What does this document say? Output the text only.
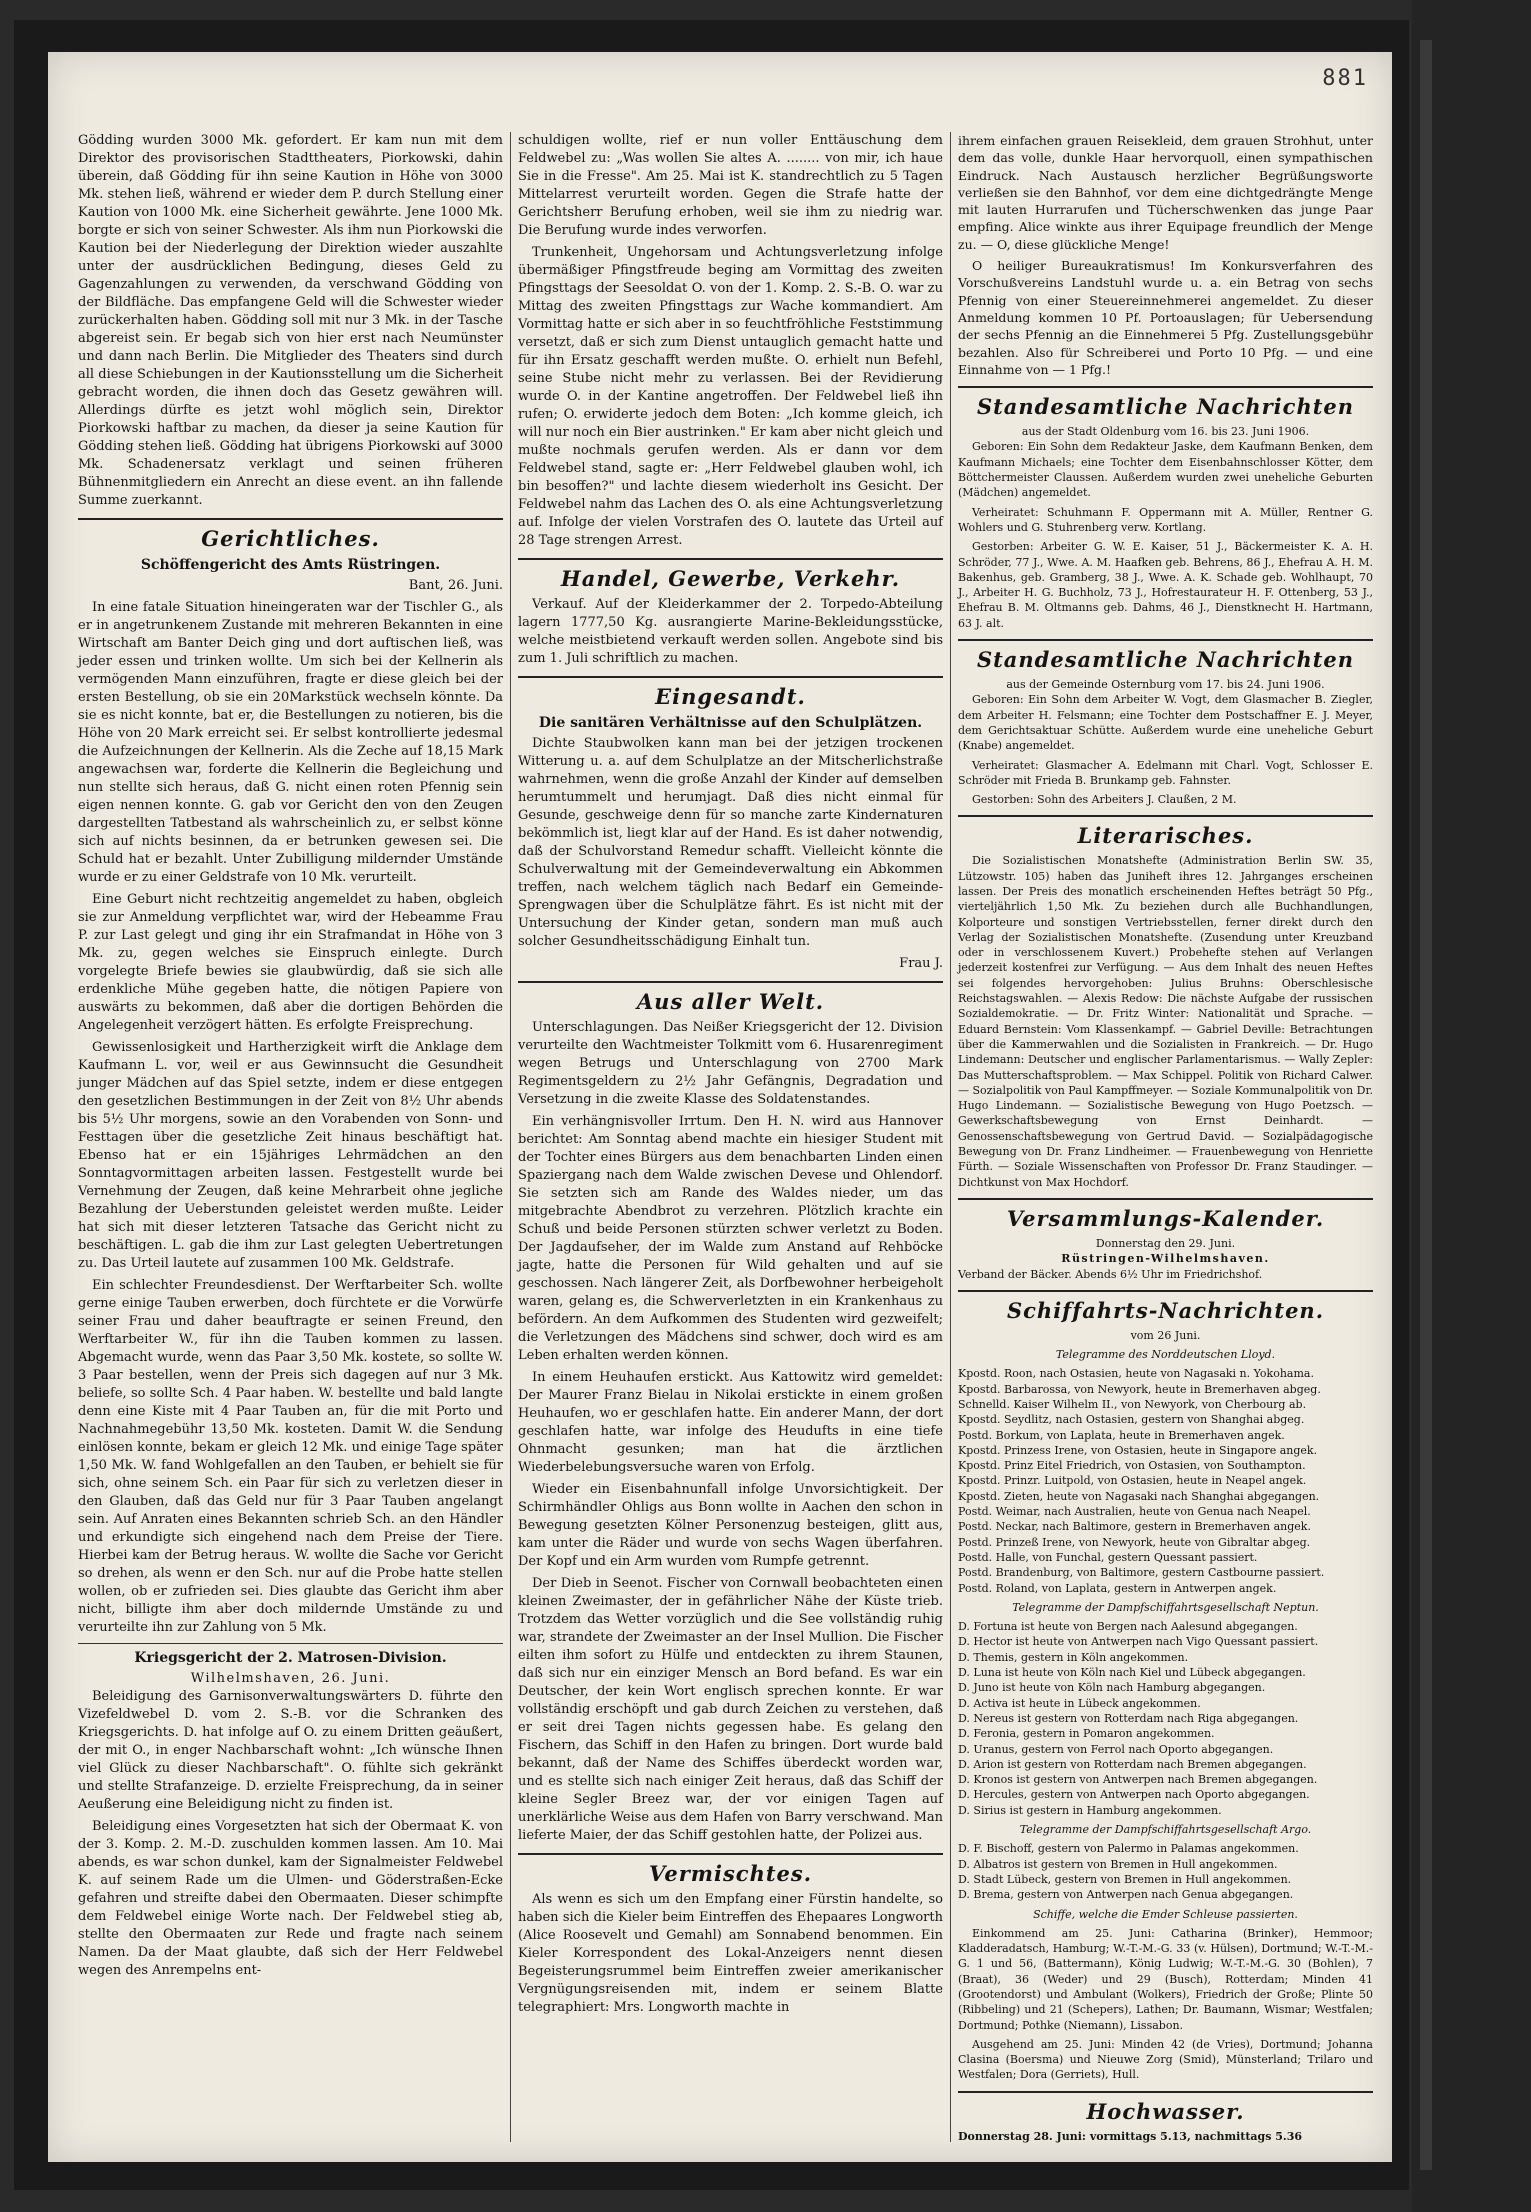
881

Gödding wurden 3000 Mk. gefordert. Er kam nun mit dem Direktor des provisorischen Stadttheaters, Piorkowski, dahin überein, daß Gödding für ihn seine Kaution in Höhe von 3000 Mk. stehen ließ, während er wieder dem P. durch Stellung einer Kaution von 1000 Mk. eine Sicherheit gewährte. Jene 1000 Mk. borgte er sich von seiner Schwester. Als ihm nun Piorkowski die Kaution bei der Niederlegung der Direktion wieder auszahlte unter der ausdrücklichen Bedingung, dieses Geld zu Gagenzahlungen zu verwenden, da verschwand Gödding von der Bildfläche. Das empfangene Geld will die Schwester wieder zurückerhalten haben. Gödding soll mit nur 3 Mk. in der Tasche abgereist sein. Er begab sich von hier erst nach Neumünster und dann nach Berlin. Die Mitglieder des Theaters sind durch all diese Schiebungen in der Kautionsstellung um die Sicherheit gebracht worden, die ihnen doch das Gesetz gewähren will. Allerdings dürfte es jetzt wohl möglich sein, Direktor Piorkowski haftbar zu machen, da dieser ja seine Kaution für Gödding stehen ließ. Gödding hat übrigens Piorkowski auf 3000 Mk. Schadenersatz verklagt und seinen früheren Bühnenmitgliedern ein Anrecht an diese event. an ihn fallende Summe zuerkannt.

Gerichtliches.
Schöffengericht des Amts Rüstringen.
Bant, 26. Juni.

In eine fatale Situation hineingeraten war der Tischler G., als er in angetrunkenem Zustande mit mehreren Bekannten in eine Wirtschaft am Banter Deich ging und dort auftischen ließ, was jeder essen und trinken wollte. Um sich bei der Kellnerin als vermögenden Mann einzuführen, fragte er diese gleich bei der ersten Bestellung, ob sie ein 20Markstück wechseln könnte. Da sie es nicht konnte, bat er, die Bestellungen zu notieren, bis die Höhe von 20 Mark erreicht sei. Er selbst kontrollierte jedesmal die Aufzeichnungen der Kellnerin. Als die Zeche auf 18,15 Mark angewachsen war, forderte die Kellnerin die Begleichung und nun stellte sich heraus, daß G. nicht einen roten Pfennig sein eigen nennen konnte. G. gab vor Gericht den von den Zeugen dargestellten Tatbestand als wahrscheinlich zu, er selbst könne sich auf nichts besinnen, da er betrunken gewesen sei. Die Schuld hat er bezahlt. Unter Zubilligung mildernder Umstände wurde er zu einer Geldstrafe von 10 Mk. verurteilt.

Eine Geburt nicht rechtzeitig angemeldet zu haben, obgleich sie zur Anmeldung verpflichtet war, wird der Hebeamme Frau P. zur Last gelegt und ging ihr ein Strafmandat in Höhe von 3 Mk. zu, gegen welches sie Einspruch einlegte. Durch vorgelegte Briefe bewies sie glaubwürdig, daß sie sich alle erdenkliche Mühe gegeben hatte, die nötigen Papiere von auswärts zu bekommen, daß aber die dortigen Behörden die Angelegenheit verzögert hätten. Es erfolgte Freisprechung.

Gewissenlosigkeit und Hartherzigkeit wirft die Anklage dem Kaufmann L. vor, weil er aus Gewinnsucht die Gesundheit junger Mädchen auf das Spiel setzte, indem er diese entgegen den gesetzlichen Bestimmungen in der Zeit von 8½ Uhr abends bis 5½ Uhr morgens, sowie an den Vorabenden von Sonn- und Festtagen über die gesetzliche Zeit hinaus beschäftigt hat. Ebenso hat er ein 15jähriges Lehrmädchen an den Sonntagvormittagen arbeiten lassen. Festgestellt wurde bei Vernehmung der Zeugen, daß keine Mehrarbeit ohne jegliche Bezahlung der Ueberstunden geleistet werden mußte. Leider hat sich mit dieser letzteren Tatsache das Gericht nicht zu beschäftigen. L. gab die ihm zur Last gelegten Uebertretungen zu. Das Urteil lautete auf zusammen 100 Mk. Geldstrafe.

Ein schlechter Freundesdienst. Der Werftarbeiter Sch. wollte gerne einige Tauben erwerben, doch fürchtete er die Vorwürfe seiner Frau und daher beauftragte er seinen Freund, den Werftarbeiter W., für ihn die Tauben kommen zu lassen. Abgemacht wurde, wenn das Paar 3,50 Mk. kostete, so sollte W. 3 Paar bestellen, wenn der Preis sich dagegen auf nur 3 Mk. beliefe, so sollte Sch. 4 Paar haben. W. bestellte und bald langte denn eine Kiste mit 4 Paar Tauben an, für die mit Porto und Nachnahmegebühr 13,50 Mk. kosteten. Damit W. die Sendung einlösen konnte, bekam er gleich 12 Mk. und einige Tage später 1,50 Mk. W. fand Wohlgefallen an den Tauben, er behielt sie für sich, ohne seinem Sch. ein Paar für sich zu verletzen dieser in den Glauben, daß das Geld nur für 3 Paar Tauben angelangt sein. Auf Anraten eines Bekannten schrieb Sch. an den Händler und erkundigte sich eingehend nach dem Preise der Tiere. Hierbei kam der Betrug heraus. W. wollte die Sache vor Gericht so drehen, als wenn er den Sch. nur auf die Probe hatte stellen wollen, ob er zufrieden sei. Dies glaubte das Gericht ihm aber nicht, billigte ihm aber doch mildernde Umstände zu und verurteilte ihn zur Zahlung von 5 Mk.

Kriegsgericht der 2. Matrosen-Division.
Wilhelmshaven, 26. Juni.

Beleidigung des Garnisonverwaltungswärters D. führte den Vizefeldwebel D. vom 2. S.-B. vor die Schranken des Kriegsgerichts. D. hat infolge auf O. zu einem Dritten geäußert, der mit O., in enger Nachbarschaft wohnt: „Ich wünsche Ihnen viel Glück zu dieser Nachbarschaft". O. fühlte sich gekränkt und stellte Strafanzeige. D. erzielte Freisprechung, da in seiner Aeußerung eine Beleidigung nicht zu finden ist.

Beleidigung eines Vorgesetzten hat sich der Obermaat K. von der 3. Komp. 2. M.-D. zuschulden kommen lassen. Am 10. Mai abends, es war schon dunkel, kam der Signalmeister Feldwebel K. auf seinem Rade um die Ulmen- und Göderstraßen-Ecke gefahren und streifte dabei den Obermaaten. Dieser schimpfte dem Feldwebel einige Worte nach. Der Feldwebel stieg ab, stellte den Obermaaten zur Rede und fragte nach seinem Namen. Da der Maat glaubte, daß sich der Herr Feldwebel wegen des Anrempelns ent-

schuldigen wollte, rief er nun voller Enttäuschung dem Feldwebel zu: „Was wollen Sie altes A. ........ von mir, ich haue Sie in die Fresse". Am 25. Mai ist K. standrechtlich zu 5 Tagen Mittelarrest verurteilt worden. Gegen die Strafe hatte der Gerichtsherr Berufung erhoben, weil sie ihm zu niedrig war. Die Berufung wurde indes verworfen.

Trunkenheit, Ungehorsam und Achtungsverletzung infolge übermäßiger Pfingstfreude beging am Vormittag des zweiten Pfingsttags der Seesoldat O. von der 1. Komp. 2. S.-B. O. war zu Mittag des zweiten Pfingsttags zur Wache kommandiert. Am Vormittag hatte er sich aber in so feuchtfröhliche Feststimmung versetzt, daß er sich zum Dienst untauglich gemacht hatte und für ihn Ersatz geschafft werden mußte. O. erhielt nun Befehl, seine Stube nicht mehr zu verlassen. Bei der Revidierung wurde O. in der Kantine angetroffen. Der Feldwebel ließ ihn rufen; O. erwiderte jedoch dem Boten: „Ich komme gleich, ich will nur noch ein Bier austrinken." Er kam aber nicht gleich und mußte nochmals gerufen werden. Als er dann vor dem Feldwebel stand, sagte er: „Herr Feldwebel glauben wohl, ich bin besoffen?" und lachte diesem wiederholt ins Gesicht. Der Feldwebel nahm das Lachen des O. als eine Achtungsverletzung auf. Infolge der vielen Vorstrafen des O. lautete das Urteil auf 28 Tage strengen Arrest.

Handel, Gewerbe, Verkehr.

Verkauf. Auf der Kleiderkammer der 2. Torpedo-Abteilung lagern 1777,50 Kg. ausrangierte Marine-Bekleidungsstücke, welche meistbietend verkauft werden sollen. Angebote sind bis zum 1. Juli schriftlich zu machen.

Eingesandt.
Die sanitären Verhältnisse auf den Schulplätzen.

Dichte Staubwolken kann man bei der jetzigen trockenen Witterung u. a. auf dem Schulplatze an der Mitscherlichstraße wahrnehmen, wenn die große Anzahl der Kinder auf demselben herumtummelt und herumjagt. Daß dies nicht einmal für Gesunde, geschweige denn für so manche zarte Kindernaturen bekömmlich ist, liegt klar auf der Hand. Es ist daher notwendig, daß der Schulvorstand Remedur schafft. Vielleicht könnte die Schulverwaltung mit der Gemeindeverwaltung ein Abkommen treffen, nach welchem täglich nach Bedarf ein Gemeinde-Sprengwagen über die Schulplätze fährt. Es ist nicht mit der Untersuchung der Kinder getan, sondern man muß auch solcher Gesundheitsschädigung Einhalt tun.

Frau J.
Aus aller Welt.

Unterschlagungen. Das Neißer Kriegsgericht der 12. Division verurteilte den Wachtmeister Tolkmitt vom 6. Husarenregiment wegen Betrugs und Unterschlagung von 2700 Mark Regimentsgeldern zu 2½ Jahr Gefängnis, Degradation und Versetzung in die zweite Klasse des Soldatenstandes.

Ein verhängnisvoller Irrtum. Den H. N. wird aus Hannover berichtet: Am Sonntag abend machte ein hiesiger Student mit der Tochter eines Bürgers aus dem benachbarten Linden einen Spaziergang nach dem Walde zwischen Devese und Ohlendorf. Sie setzten sich am Rande des Waldes nieder, um das mitgebrachte Abendbrot zu verzehren. Plötzlich krachte ein Schuß und beide Personen stürzten schwer verletzt zu Boden. Der Jagdaufseher, der im Walde zum Anstand auf Rehböcke jagte, hatte die Personen für Wild gehalten und auf sie geschossen. Nach längerer Zeit, als Dorfbewohner herbeigeholt waren, gelang es, die Schwerverletzten in ein Krankenhaus zu befördern. An dem Aufkommen des Studenten wird gezweifelt; die Verletzungen des Mädchens sind schwer, doch wird es am Leben erhalten werden können.

In einem Heuhaufen erstickt. Aus Kattowitz wird gemeldet: Der Maurer Franz Bielau in Nikolai erstickte in einem großen Heuhaufen, wo er geschlafen hatte. Ein anderer Mann, der dort geschlafen hatte, war infolge des Heudufts in eine tiefe Ohnmacht gesunken; man hat die ärztlichen Wiederbelebungsversuche waren von Erfolg.

Wieder ein Eisenbahnunfall infolge Unvorsichtigkeit. Der Schirmhändler Ohligs aus Bonn wollte in Aachen den schon in Bewegung gesetzten Kölner Personenzug besteigen, glitt aus, kam unter die Räder und wurde von sechs Wagen überfahren. Der Kopf und ein Arm wurden vom Rumpfe getrennt.

Der Dieb in Seenot. Fischer von Cornwall beobachteten einen kleinen Zweimaster, der in gefährlicher Nähe der Küste trieb. Trotzdem das Wetter vorzüglich und die See vollständig ruhig war, strandete der Zweimaster an der Insel Mullion. Die Fischer eilten ihm sofort zu Hülfe und entdeckten zu ihrem Staunen, daß sich nur ein einziger Mensch an Bord befand. Es war ein Deutscher, der kein Wort englisch sprechen konnte. Er war vollständig erschöpft und gab durch Zeichen zu verstehen, daß er seit drei Tagen nichts gegessen habe. Es gelang den Fischern, das Schiff in den Hafen zu bringen. Dort wurde bald bekannt, daß der Name des Schiffes überdeckt worden war, und es stellte sich nach einiger Zeit heraus, daß das Schiff der kleine Segler Breez war, der vor einigen Tagen auf unerklärliche Weise aus dem Hafen von Barry verschwand. Man lieferte Maier, der das Schiff gestohlen hatte, der Polizei aus.

Vermischtes.

Als wenn es sich um den Empfang einer Fürstin handelte, so haben sich die Kieler beim Eintreffen des Ehepaares Longworth (Alice Roosevelt und Gemahl) am Sonnabend benommen. Ein Kieler Korrespondent des Lokal-Anzeigers nennt diesen Begeisterungsrummel beim Eintreffen zweier amerikanischer Vergnügungsreisenden mit, indem er seinem Blatte telegraphiert: Mrs. Longworth machte in

ihrem einfachen grauen Reisekleid, dem grauen Strohhut, unter dem das volle, dunkle Haar hervorquoll, einen sympathischen Eindruck. Nach Austausch herzlicher Begrüßungsworte verließen sie den Bahnhof, vor dem eine dichtgedrängte Menge mit lauten Hurrarufen und Tücherschwenken das junge Paar empfing. Alice winkte aus ihrer Equipage freundlich der Menge zu. — O, diese glückliche Menge!

O heiliger Bureaukratismus! Im Konkursverfahren des Vorschußvereins Landstuhl wurde u. a. ein Betrag von sechs Pfennig von einer Steuereinnehmerei angemeldet. Zu dieser Anmeldung kommen 10 Pf. Portoauslagen; für Uebersendung der sechs Pfennig an die Einnehmerei 5 Pfg. Zustellungsgebühr bezahlen. Also für Schreiberei und Porto 10 Pfg. — und eine Einnahme von — 1 Pfg.!

Standesamtliche Nachrichten
aus der Stadt Oldenburg vom 16. bis 23. Juni 1906.

Geboren: Ein Sohn dem Redakteur Jaske, dem Kaufmann Benken, dem Kaufmann Michaels; eine Tochter dem Eisenbahnschlosser Kötter, dem Böttchermeister Claussen. Außerdem wurden zwei uneheliche Geburten (Mädchen) angemeldet.

Verheiratet: Schuhmann F. Oppermann mit A. Müller, Rentner G. Wohlers und G. Stuhrenberg verw. Kortlang.

Gestorben: Arbeiter G. W. E. Kaiser, 51 J., Bäckermeister K. A. H. Schröder, 77 J., Wwe. A. M. Haafken geb. Behrens, 86 J., Ehefrau A. H. M. Bakenhus, geb. Gramberg, 38 J., Wwe. A. K. Schade geb. Wohlhaupt, 70 J., Arbeiter H. G. Buchholz, 73 J., Hofrestaurateur H. F. Ottenberg, 53 J., Ehefrau B. M. Oltmanns geb. Dahms, 46 J., Dienstknecht H. Hartmann, 63 J. alt.

Standesamtliche Nachrichten
aus der Gemeinde Osternburg vom 17. bis 24. Juni 1906.

Geboren: Ein Sohn dem Arbeiter W. Vogt, dem Glasmacher B. Ziegler, dem Arbeiter H. Felsmann; eine Tochter dem Postschaffner E. J. Meyer, dem Gerichtsaktuar Schütte. Außerdem wurde eine uneheliche Geburt (Knabe) angemeldet.

Verheiratet: Glasmacher A. Edelmann mit Charl. Vogt, Schlosser E. Schröder mit Frieda B. Brunkamp geb. Fahnster.

Gestorben: Sohn des Arbeiters J. Claußen, 2 M.

Literarisches.

Die Sozialistischen Monatshefte (Administration Berlin SW. 35, Lützowstr. 105) haben das Juniheft ihres 12. Jahrganges erscheinen lassen. Der Preis des monatlich erscheinenden Heftes beträgt 50 Pfg., vierteljährlich 1,50 Mk. Zu beziehen durch alle Buchhandlungen, Kolporteure und sonstigen Vertriebsstellen, ferner direkt durch den Verlag der Sozialistischen Monatshefte. (Zusendung unter Kreuzband oder in verschlossenem Kuvert.) Probehefte stehen auf Verlangen jederzeit kostenfrei zur Verfügung. — Aus dem Inhalt des neuen Heftes sei folgendes hervorgehoben: Julius Bruhns: Oberschlesische Reichstagswahlen. — Alexis Redow: Die nächste Aufgabe der russischen Sozialdemokratie. — Dr. Fritz Winter: Nationalität und Sprache. — Eduard Bernstein: Vom Klassenkampf. — Gabriel Deville: Betrachtungen über die Kammerwahlen und die Sozialisten in Frankreich. — Dr. Hugo Lindemann: Deutscher und englischer Parlamentarismus. — Wally Zepler: Das Mutterschaftsproblem. — Max Schippel. Politik von Richard Calwer. — Sozialpolitik von Paul Kampffmeyer. — Soziale Kommunalpolitik von Dr. Hugo Lindemann. — Sozialistische Bewegung von Hugo Poetzsch. — Gewerkschaftsbewegung von Ernst Deinhardt. — Genossenschaftsbewegung von Gertrud David. — Sozialpädagogische Bewegung von Dr. Franz Lindheimer. — Frauenbewegung von Henriette Fürth. — Soziale Wissenschaften von Professor Dr. Franz Staudinger. — Dichtkunst von Max Hochdorf.

Versammlungs-Kalender.
Donnerstag den 29. Juni.
Rüstringen-Wilhelmshaven.

Verband der Bäcker. Abends 6½ Uhr im Friedrichshof.

Schiffahrts-Nachrichten.
vom 26 Juni.
Telegramme des Norddeutschen Lloyd.
Kpostd. Roon, nach Ostasien, heute von Nagasaki n. Yokohama.
Kpostd. Barbarossa, von Newyork, heute in Bremerhaven abgeg.
Schnelld. Kaiser Wilhelm II., von Newyork, von Cherbourg ab.
Kpostd. Seydlitz, nach Ostasien, gestern von Shanghai abgeg.
Postd. Borkum, von Laplata, heute in Bremerhaven angek.
Kpostd. Prinzess Irene, von Ostasien, heute in Singapore angek.
Kpostd. Prinz Eitel Friedrich, von Ostasien, von Southampton.
Kpostd. Prinzr. Luitpold, von Ostasien, heute in Neapel angek.
Kpostd. Zieten, heute von Nagasaki nach Shanghai abgegangen.
Postd. Weimar, nach Australien, heute von Genua nach Neapel.
Postd. Neckar, nach Baltimore, gestern in Bremerhaven angek.
Postd. Prinzeß Irene, von Newyork, heute von Gibraltar abgeg.
Postd. Halle, von Funchal, gestern Quessant passiert.
Postd. Brandenburg, von Baltimore, gestern Castbourne passiert.
Postd. Roland, von Laplata, gestern in Antwerpen angek.
Telegramme der Dampfschiffahrtsgesellschaft Neptun.
D. Fortuna ist heute von Bergen nach Aalesund abgegangen.
D. Hector ist heute von Antwerpen nach Vigo Quessant passiert.
D. Themis, gestern in Köln angekommen.
D. Luna ist heute von Köln nach Kiel und Lübeck abgegangen.
D. Juno ist heute von Köln nach Hamburg abgegangen.
D. Activa ist heute in Lübeck angekommen.
D. Nereus ist gestern von Rotterdam nach Riga abgegangen.
D. Feronia, gestern in Pomaron angekommen.
D. Uranus, gestern von Ferrol nach Oporto abgegangen.
D. Arion ist gestern von Rotterdam nach Bremen abgegangen.
D. Kronos ist gestern von Antwerpen nach Bremen abgegangen.
D. Hercules, gestern von Antwerpen nach Oporto abgegangen.
D. Sirius ist gestern in Hamburg angekommen.
Telegramme der Dampfschiffahrtsgesellschaft Argo.
D. F. Bischoff, gestern von Palermo in Palamas angekommen.
D. Albatros ist gestern von Bremen in Hull angekommen.
D. Stadt Lübeck, gestern von Bremen in Hull angekommen.
D. Brema, gestern von Antwerpen nach Genua abgegangen.
Schiffe, welche die Emder Schleuse passierten.

Einkommend am 25. Juni: Catharina (Brinker), Hemmoor; Kladderadatsch, Hamburg; W.-T.-M.-G. 33 (v. Hülsen), Dortmund; W.-T.-M.-G. 1 und 56, (Battermann), König Ludwig; W.-T.-M.-G. 30 (Bohlen), 7 (Braat), 36 (Weder) und 29 (Busch), Rotterdam; Minden 41 (Grootendorst) und Ambulant (Wolkers), Friedrich der Große; Plinte 50 (Ribbeling) und 21 (Schepers), Lathen; Dr. Baumann, Wismar; Westfalen; Dortmund; Pothke (Niemann), Lissabon.

Ausgehend am 25. Juni: Minden 42 (de Vries), Dortmund; Johanna Clasina (Boersma) und Nieuwe Zorg (Smid), Münsterland; Trilaro und Westfalen; Dora (Gerriets), Hull.

Hochwasser.

Donnerstag 28. Juni: vormittags 5.13, nachmittags 5.36
